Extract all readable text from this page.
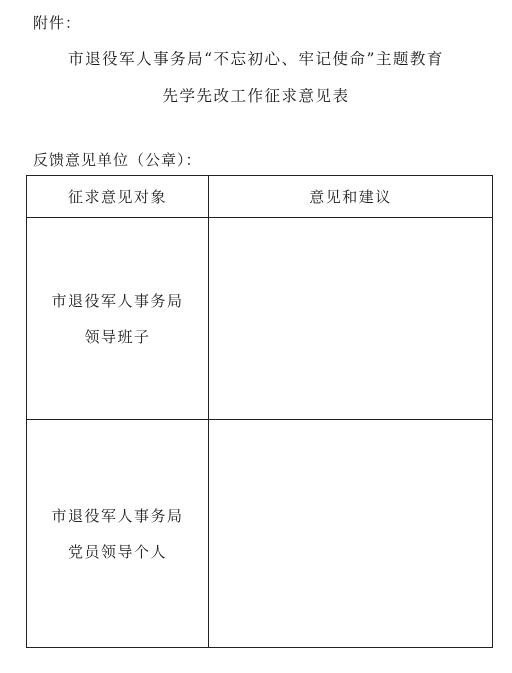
附件：
市退役军人事务局“不忘初心、牢记使命”主题教育
先学先改工作征求意见表
反馈意见单位（公章）：
征求意见对象	意见和建议

市退役军人事务局
领导班子	

市退役军人事务局
党员领导个人	
